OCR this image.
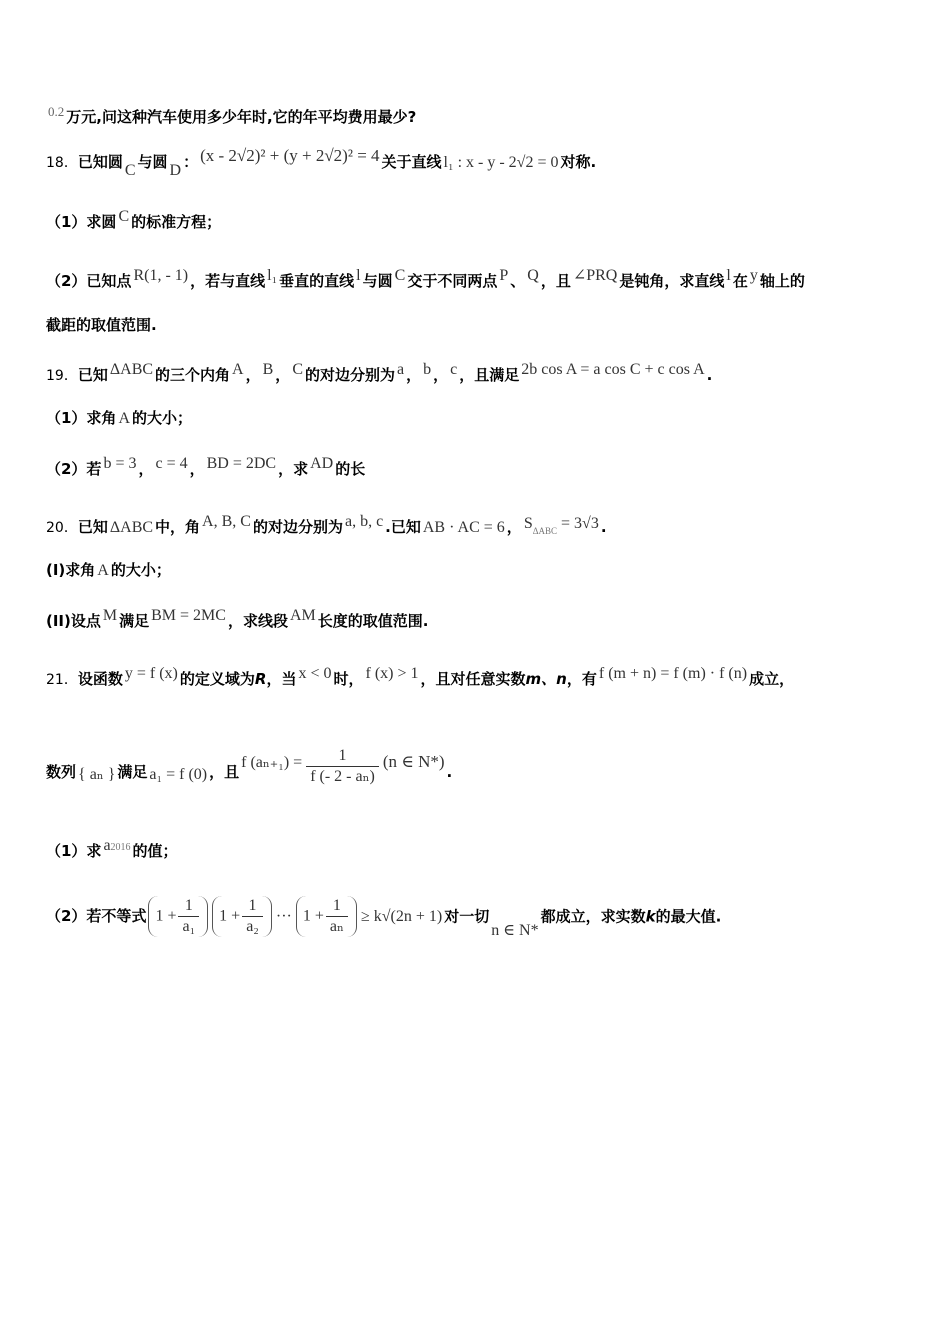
0.2 万元,问这种汽车使用多少年时,它的年平均费用最少?
18．已知圆 C 与圆 D ： (x - 2√2)² + (y + 2√2)² = 4 关于直线 l₁ : x - y - 2√2 = 0 对称.
（1）求圆 C 的标准方程；
（2）已知点 R(1, - 1) ，若与直线 l₁ 垂直的直线 l 与圆 C 交于不同两点 P 、 Q ，且 ∠PRQ 是钝角，求直线 l 在 y 轴上的
截距的取值范围.
19．已知 ΔABC 的三个内角 A ， B ， C 的对边分别为 a ， b ， c ，且满足 2b cos A = a cos C + c cos A .
（1）求角 A 的大小；
（2）若 b = 3 ， c = 4 ， BD = 2DC ，求 AD 的长
20．已知 ΔABC 中，角 A, B, C 的对边分别为 a, b, c .已知 AB · AC = 6 ， SΔABC = 3√3 .
(I)求角 A 的大小；
(II)设点 M 满足 BM = 2MC ，求线段 AM 长度的取值范围.
21．设函数 y = f (x) 的定义域为R，当 x < 0 时， f (x) > 1 ，且对任意实数m、n，有 f (m + n) = f (m) · f (n) 成立，
数列 { aₙ } 满足 a₁ = f (0) ，且f $(a_{n+1}) = \frac{1}{\text{f (- 2 - aₙ)}} (n$ ∈ N*).
（1）求 a2016 的值；
（2）若不等式 $1 + \frac{1}{\text{a₁}} 1 + \frac{1}{\text{a₂}}$ ··· $1 + \frac{1}{\text{aₙ}} \ge k√(2n + 1)$ 对一切n ∈ N*都成立，求实数k的最大值.
